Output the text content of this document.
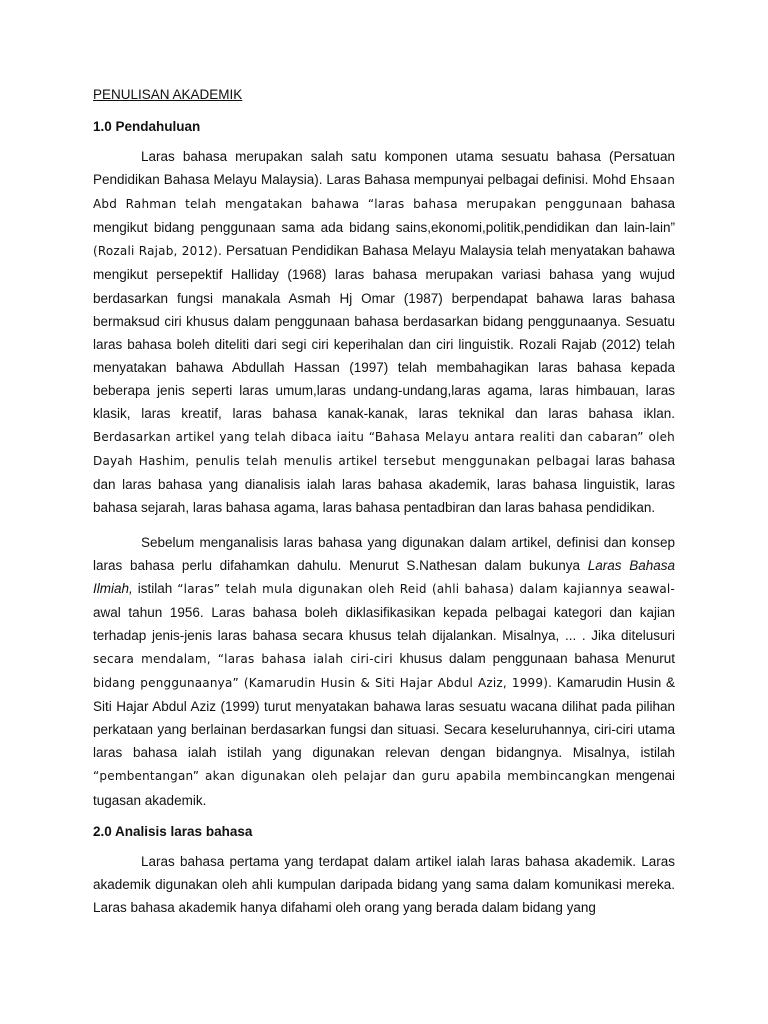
PENULISAN AKADEMIK
1.0 Pendahuluan

Laras bahasa merupakan salah satu komponen utama sesuatu bahasa (Persatuan Pendidikan Bahasa Melayu Malaysia). Laras Bahasa mempunyai pelbagai definisi. Mohd Ehsaan Abd Rahman telah mengatakan bahawa “laras bahasa merupakan penggunaan bahasa mengikut bidang penggunaan sama ada bidang sains,ekonomi,politik,pendidikan dan lain-lain” (Rozali Rajab, 2012). Persatuan Pendidikan Bahasa Melayu Malaysia telah menyatakan bahawa mengikut persepektif Halliday (1968) laras bahasa merupakan variasi bahasa yang wujud berdasarkan fungsi manakala Asmah Hj Omar (1987) berpendapat bahawa laras bahasa bermaksud ciri khusus dalam penggunaan bahasa berdasarkan bidang penggunaanya. Sesuatu laras bahasa boleh diteliti dari segi ciri keperihalan dan ciri linguistik. Rozali Rajab (2012) telah menyatakan bahawa Abdullah Hassan (1997) telah membahagikan laras bahasa kepada beberapa jenis seperti laras umum,laras undang-undang,laras agama, laras himbauan, laras klasik, laras kreatif, laras bahasa kanak-kanak, laras teknikal dan laras bahasa iklan. Berdasarkan artikel yang telah dibaca iaitu “Bahasa Melayu antara realiti dan cabaran” oleh Dayah Hashim, penulis telah menulis artikel tersebut menggunakan pelbagai laras bahasa dan laras bahasa yang dianalisis ialah laras bahasa akademik, laras bahasa linguistik, laras bahasa sejarah, laras bahasa agama, laras bahasa pentadbiran dan laras bahasa pendidikan.

Sebelum menganalisis laras bahasa yang digunakan dalam artikel, definisi dan konsep laras bahasa perlu difahamkan dahulu. Menurut S.Nathesan dalam bukunya Laras Bahasa Ilmiah, istilah “laras” telah mula digunakan oleh Reid (ahli bahasa) dalam kajiannya seawal-awal tahun 1956. Laras bahasa boleh diklasifikasikan kepada pelbagai kategori dan kajian terhadap jenis-jenis laras bahasa secara khusus telah dijalankan. Misalnya, ... . Jika ditelusuri secara mendalam, “laras bahasa ialah ciri-ciri khusus dalam penggunaan bahasa Menurut bidang penggunaanya” (Kamarudin Husin & Siti Hajar Abdul Aziz, 1999). Kamarudin Husin & Siti Hajar Abdul Aziz (1999) turut menyatakan bahawa laras sesuatu wacana dilihat pada pilihan perkataan yang berlainan berdasarkan fungsi dan situasi. Secara keseluruhannya, ciri-ciri utama laras bahasa ialah istilah yang digunakan relevan dengan bidangnya. Misalnya, istilah “pembentangan” akan digunakan oleh pelajar dan guru apabila membincangkan mengenai tugasan akademik.

2.0 Analisis laras bahasa

Laras bahasa pertama yang terdapat dalam artikel ialah laras bahasa akademik. Laras akademik digunakan oleh ahli kumpulan daripada bidang yang sama dalam komunikasi mereka. Laras bahasa akademik hanya difahami oleh orang yang berada dalam bidang yang
